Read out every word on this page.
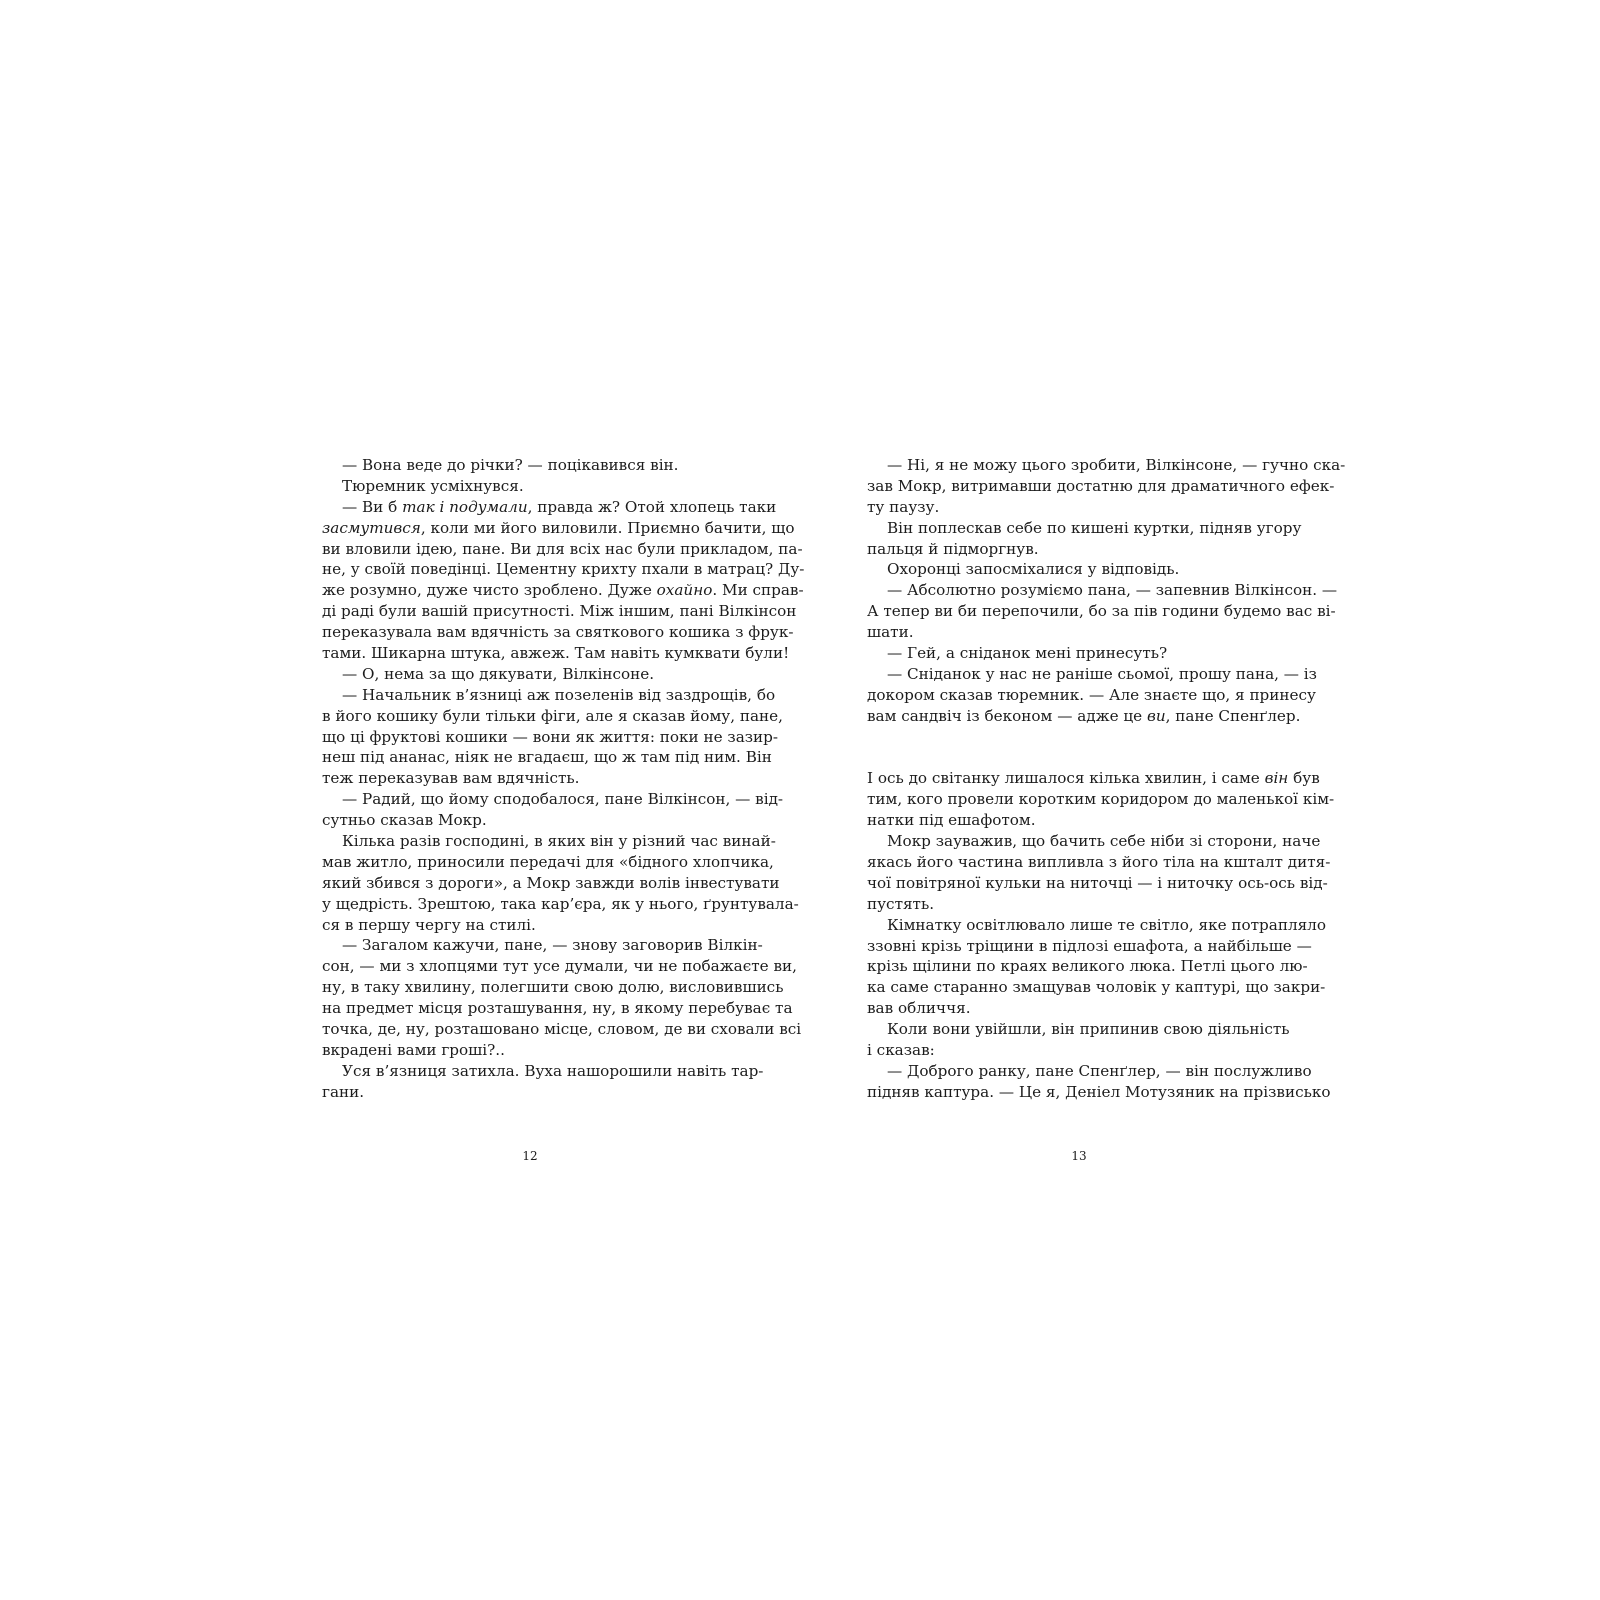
— Вона веде до річки? — поцікавився він.
Тюремник усміхнувся.
— Ви б так і подумали, правда ж? Отой хлопець таки
засмутився, коли ми його виловили. Приємно бачити, що
ви вловили ідею, пане. Ви для всіх нас були прикладом, па-
не, у своїй поведінці. Цементну крихту пхали в матрац? Ду-
же розумно, дуже чисто зроблено. Дуже охайно. Ми справ-
ді раді були вашій присутності. Між іншим, пані Вілкінсон
переказувала вам вдячність за святкового кошика з фрук-
тами. Шикарна штука, авжеж. Там навіть кумквати були!
— О, нема за що дякувати, Вілкінсоне.
— Начальник в’язниці аж позеленів від заздрощів, бо
в його кошику були тільки фіги, але я сказав йому, пане,
що ці фруктові кошики — вони як життя: поки не зазир-
неш під ананас, ніяк не вгадаєш, що ж там під ним. Він
теж переказував вам вдячність.
— Радий, що йому сподобалося, пане Вілкінсон, — від-
сутньо сказав Мокр.
Кілька разів господині, в яких він у різний час винай-
мав житло, приносили передачі для «бідного хлопчика,
який збився з дороги», а Мокр завжди волів інвестувати
у щедрість. Зрештою, така кар’єра, як у нього, ґрунтувала-
ся в першу чергу на стилі.
— Загалом кажучи, пане, — знову заговорив Вілкін-
сон, — ми з хлопцями тут усе думали, чи не побажаєте ви,
ну, в таку хвилину, полегшити свою долю, висловившись
на предмет місця розташування, ну, в якому перебуває та
точка, де, ну, розташовано місце, словом, де ви сховали всі
вкрадені вами гроші?..
Уся в’язниця затихла. Вуха нашорошили навіть тар-
гани.
— Ні, я не можу цього зробити, Вілкінсоне, — гучно ска-
зав Мокр, витримавши достатню для драматичного ефек-
ту паузу.
Він поплескав себе по кишені куртки, підняв угору
пальця й підморгнув.
Охоронці запосміхалися у відповідь.
— Абсолютно розуміємо пана, — запевнив Вілкінсон. —
А тепер ви би перепочили, бо за пів години будемо вас ві-
шати.
— Гей, а сніданок мені принесуть?
— Сніданок у нас не раніше сьомої, прошу пана, — із
докором сказав тюремник. — Але знаєте що, я принесу
вам сандвіч із беконом — адже це ви, пане Спенґлер.
І ось до світанку лишалося кілька хвилин, і саме він був
тим, кого провели коротким коридором до маленької кім-
натки під ешафотом.
Мокр зауважив, що бачить себе ніби зі сторони, наче
якась його частина випливла з його тіла на кшталт дитя-
чої повітряної кульки на ниточці — і ниточку ось-ось від-
пустять.
Кімнатку освітлювало лише те світло, яке потрапляло
ззовні крізь тріщини в підлозі ешафота, а найбільше —
крізь щілини по краях великого люка. Петлі цього лю-
ка саме старанно змащував чоловік у каптурі, що закри-
вав обличчя.
Коли вони увійшли, він припинив свою діяльність
і сказав:
— Доброго ранку, пане Спенґлер, — він послужливо
підняв каптура. — Це я, Деніел Мотузяник на прізвисько
12	13
